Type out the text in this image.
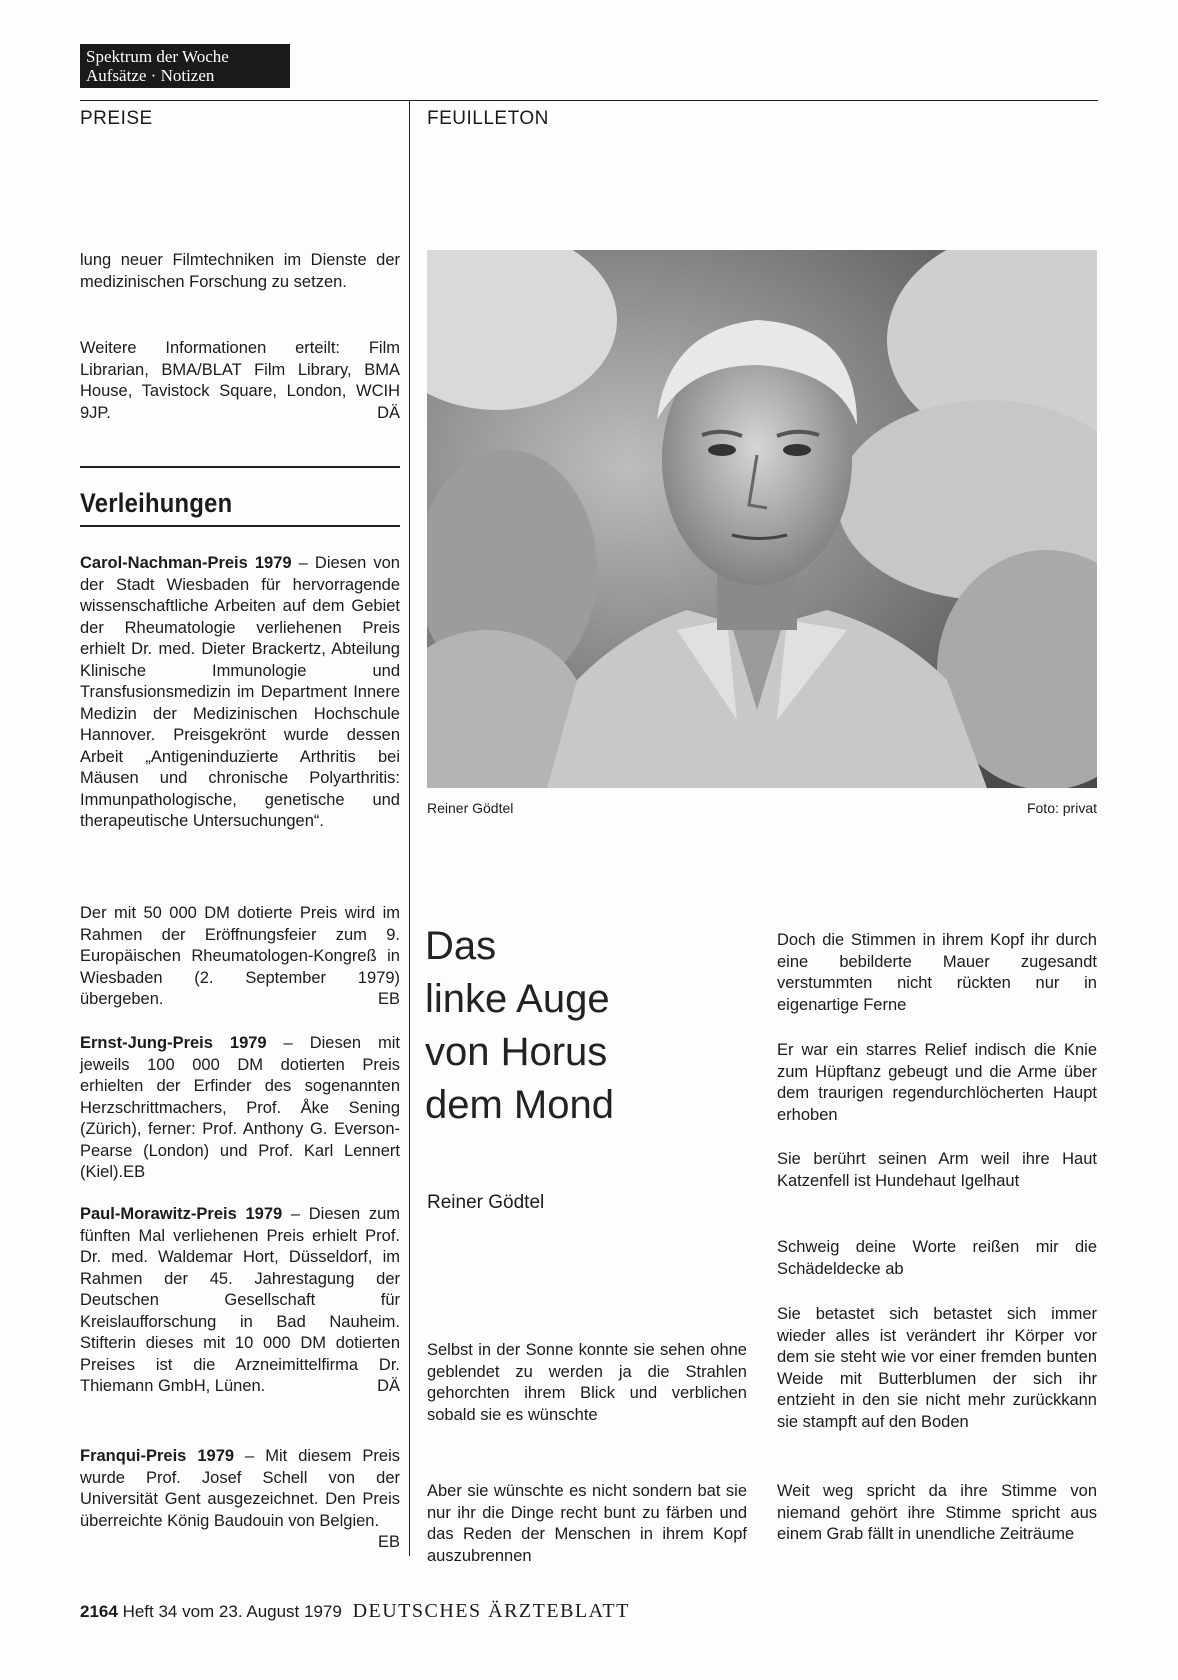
Spektrum der Woche
Aufsätze · Notizen
PREISE	FEUILLETON

lung neuer Filmtechniken im Dienste der medizinischen Forschung zu setzen.

Weitere Informationen erteilt: Film Librarian, BMA/BLAT Film Library, BMA House, Tavistock Square, London, WCIH 9JP.	DÄ

Verleihungen

Carol-Nachman-Preis 1979 – Diesen von der Stadt Wiesbaden für hervorragende wissenschaftliche Arbeiten auf dem Gebiet der Rheumatologie verliehenen Preis erhielt Dr. med. Dieter Brackertz, Abteilung Klinische Immunologie und Transfusionsmedizin im Department Innere Medizin der Medizinischen Hochschule Hannover. Preisgekrönt wurde dessen Arbeit „Antigeninduzierte Arthritis bei Mäusen und chronische Polyarthritis: Immunpathologische, genetische und therapeutische Untersuchungen“.

Der mit 50 000 DM dotierte Preis wird im Rahmen der Eröffnungsfeier zum 9. Europäischen Rheumatologen-Kongreß in Wiesbaden (2. September 1979) übergeben.	EB

Ernst-Jung-Preis 1979 – Diesen mit jeweils 100 000 DM dotierten Preis erhielten der Erfinder des sogenannten Herzschrittmachers, Prof. Åke Sening (Zürich), ferner: Prof. Anthony G. Everson-Pearse (London) und Prof. Karl Lennert (Kiel).EB

Paul-Morawitz-Preis 1979 – Diesen zum fünften Mal verliehenen Preis erhielt Prof. Dr. med. Waldemar Hort, Düsseldorf, im Rahmen der 45. Jahrestagung der Deutschen Gesellschaft für Kreislaufforschung in Bad Nauheim. Stifterin dieses mit 10 000 DM dotierten Preises ist die Arzneimittelfirma Dr. Thiemann GmbH, Lünen.	DÄ

Franqui-Preis 1979 – Mit diesem Preis wurde Prof. Josef Schell von der Universität Gent ausgezeichnet. Den Preis überreichte König Baudouin von Belgien.
EB

Reiner Gödtel	Foto: privat
Das
linke Auge
von Horus
dem Mond
Reiner Gödtel

Selbst in der Sonne konnte sie sehen ohne geblendet zu werden ja die Strahlen gehorchten ihrem Blick und verblichen sobald sie es wünschte

Aber sie wünschte es nicht sondern bat sie nur ihr die Dinge recht bunt zu färben und das Reden der Menschen in ihrem Kopf auszubrennen

Doch die Stimmen in ihrem Kopf ihr durch eine bebilderte Mauer zugesandt verstummten nicht rückten nur in eigenartige Ferne

Er war ein starres Relief indisch die Knie zum Hüpftanz gebeugt und die Arme über dem traurigen regendurchlöcherten Haupt erhoben

Sie berührt seinen Arm weil ihre Haut Katzenfell ist Hundehaut Igelhaut

Schweig deine Worte reißen mir die Schädeldecke ab

Sie betastet sich betastet sich immer wieder alles ist verändert ihr Körper vor dem sie steht wie vor einer fremden bunten Weide mit Butterblumen der sich ihr entzieht in den sie nicht mehr zurückkann sie stampft auf den Boden

Weit weg spricht da ihre Stimme von niemand gehört ihre Stimme spricht aus einem Grab fällt in unendliche Zeiträume

2164 Heft 34 vom 23. August 1979 DEUTSCHES ÄRZTEBLATT
